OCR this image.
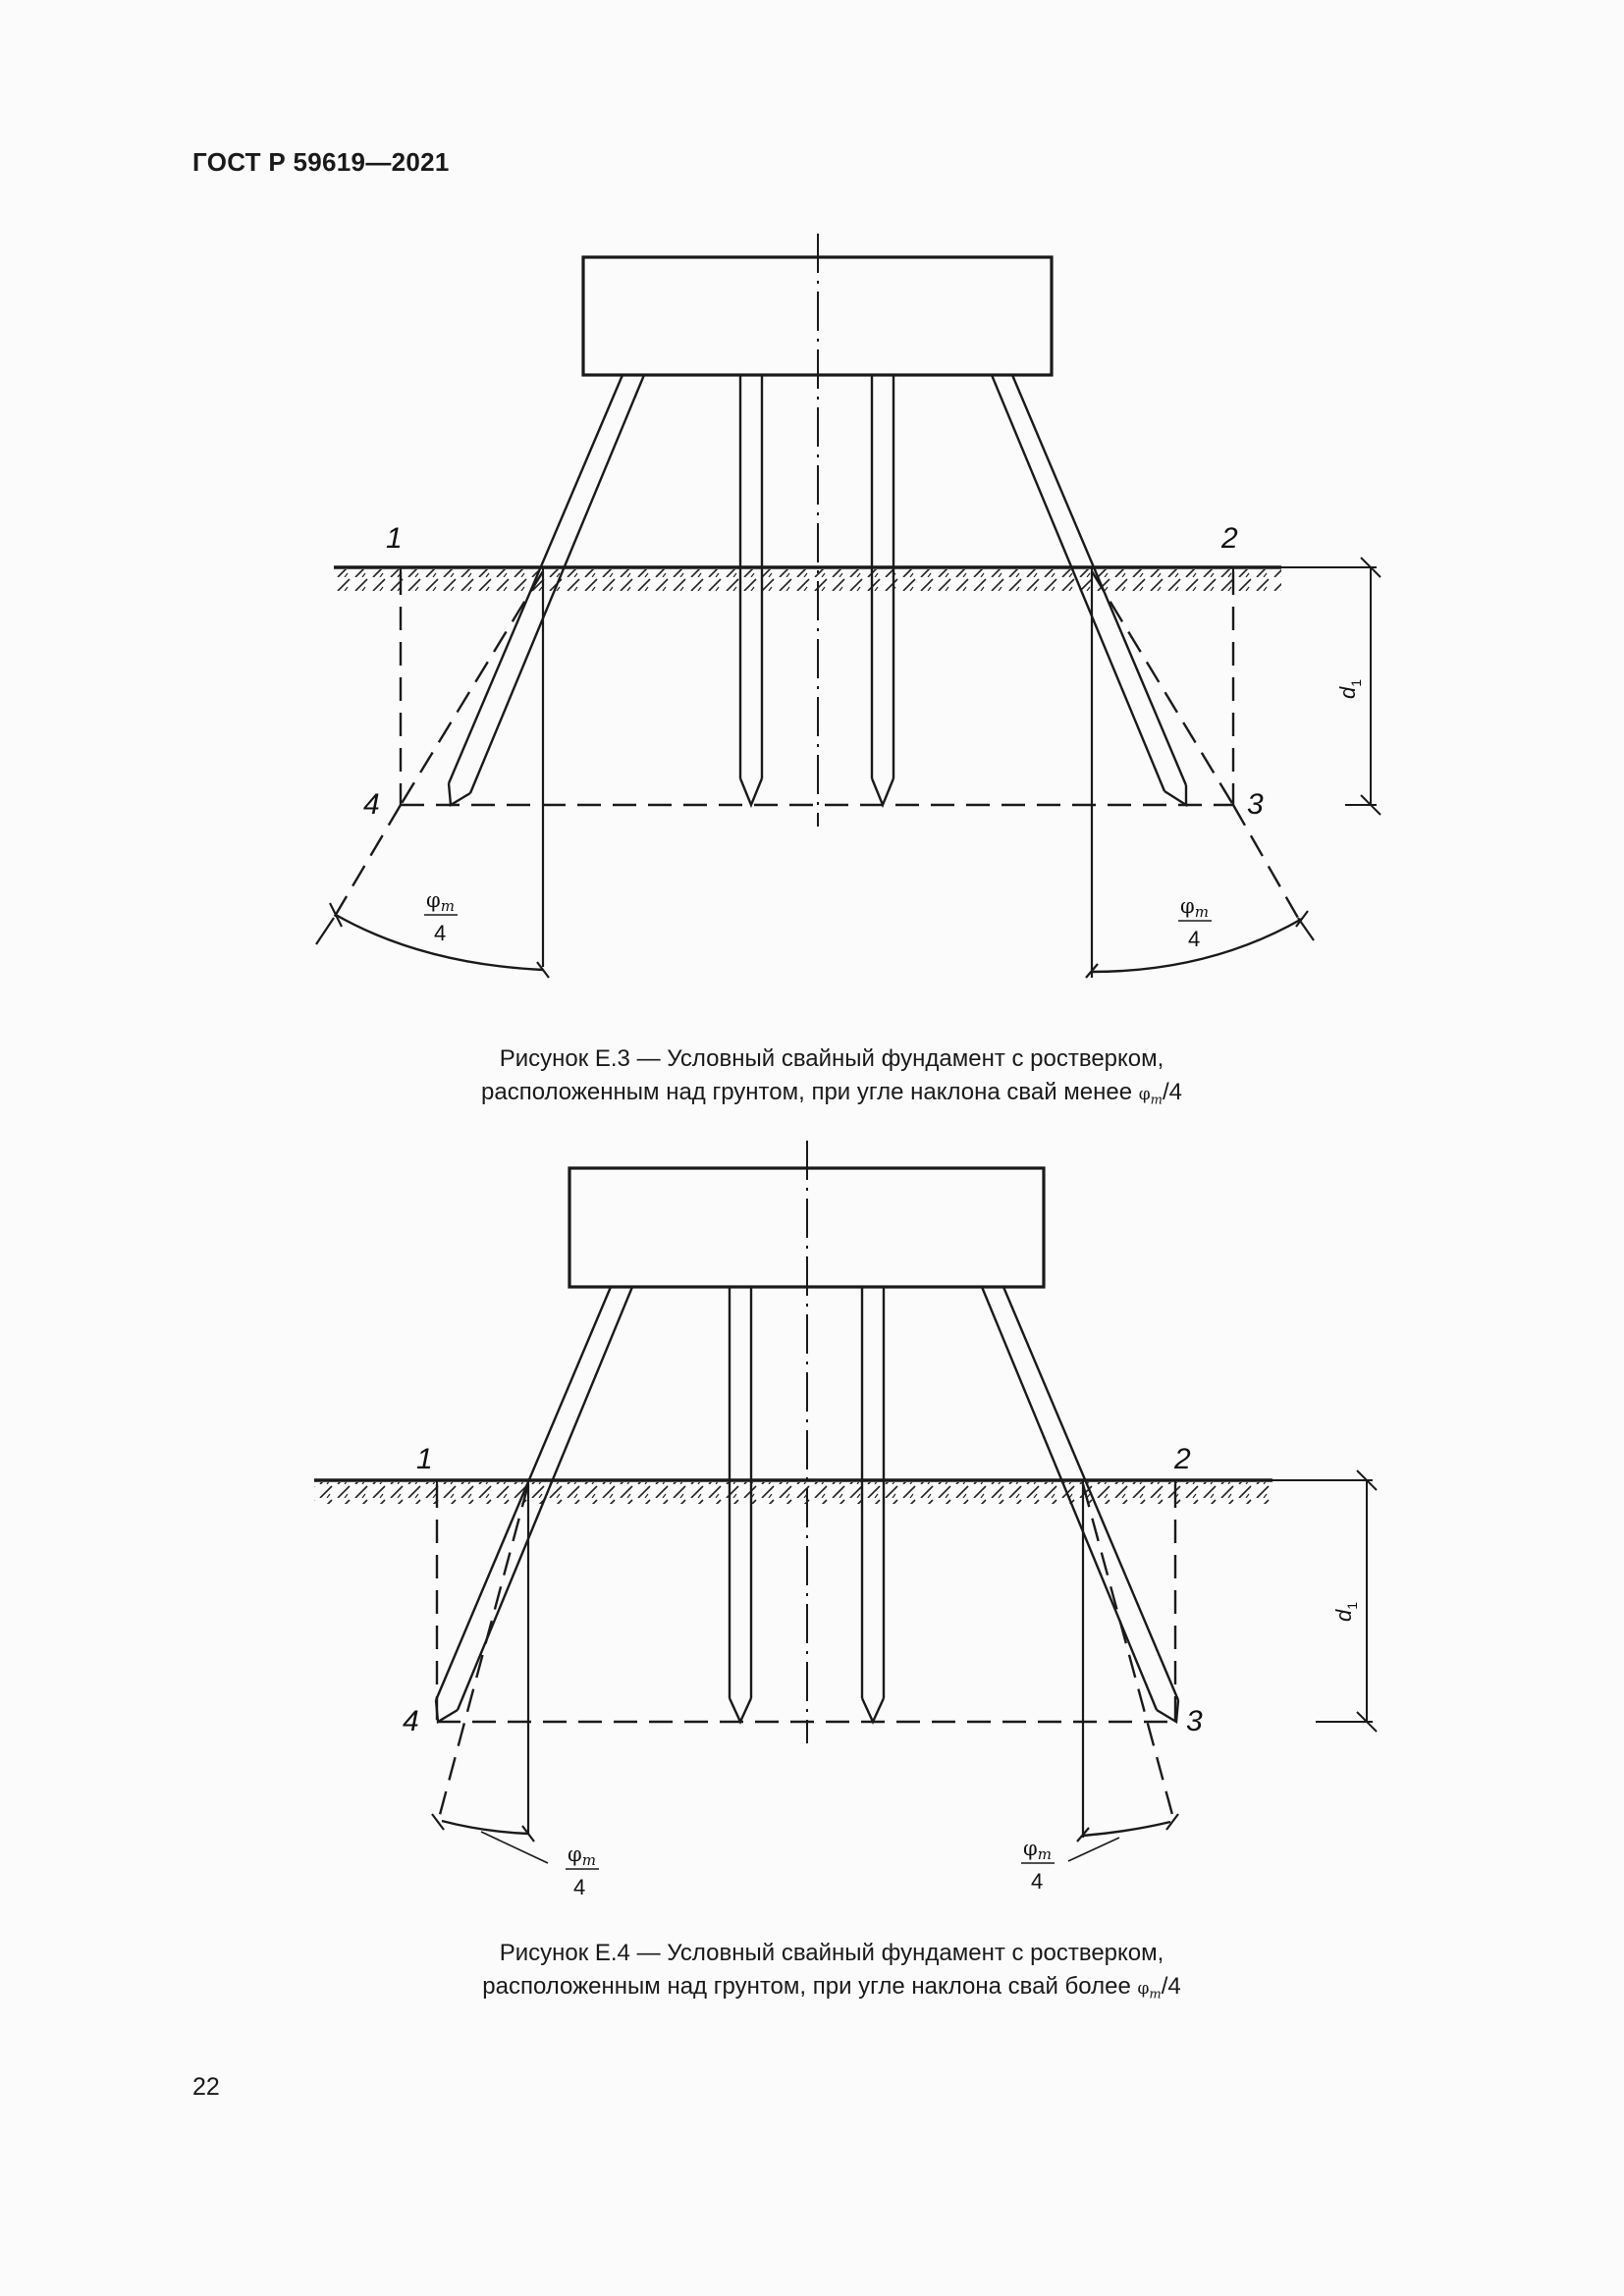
ГОСТ Р 59619—2021
1	2
3
4
$d_1$
φm
4
φm
4
Рисунок Е.3 — Условный свайный фундамент с ростверком,
расположенным над грунтом, при угле наклона свай менее $\varphi_m/4$
1	2
3
4
$d_1$
φm
4
φm
4
Рисунок Е.4 — Условный свайный фундамент с ростверком,
расположенным над грунтом, при угле наклона свай более $\varphi_m/4$
22
